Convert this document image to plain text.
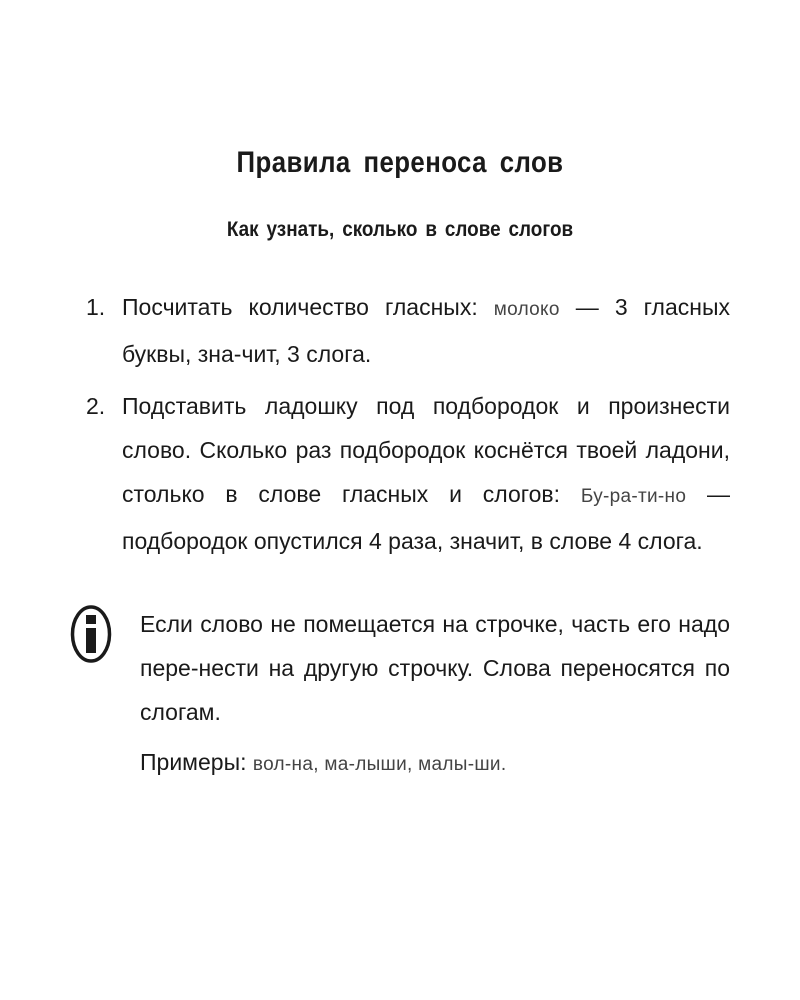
Правила переноса слов
Как узнать, сколько в слове слогов
1. Посчитать количество гласных: молоко — 3 гласных буквы, зна-чит, 3 слога.
2. Подставить ладошку под подбородок и произнести слово. Сколько раз подбородок коснётся твоей ладони, столько в слове гласных и слогов: Бу-ра-ти-но — подбородок опустился 4 раза, значит, в слове 4 слога.

Если слово не помещается на строчке, часть его надо пере-нести на другую строчку. Слова переносятся по слогам.

Примеры: вол-на, ма-лыши, малы-ши.
